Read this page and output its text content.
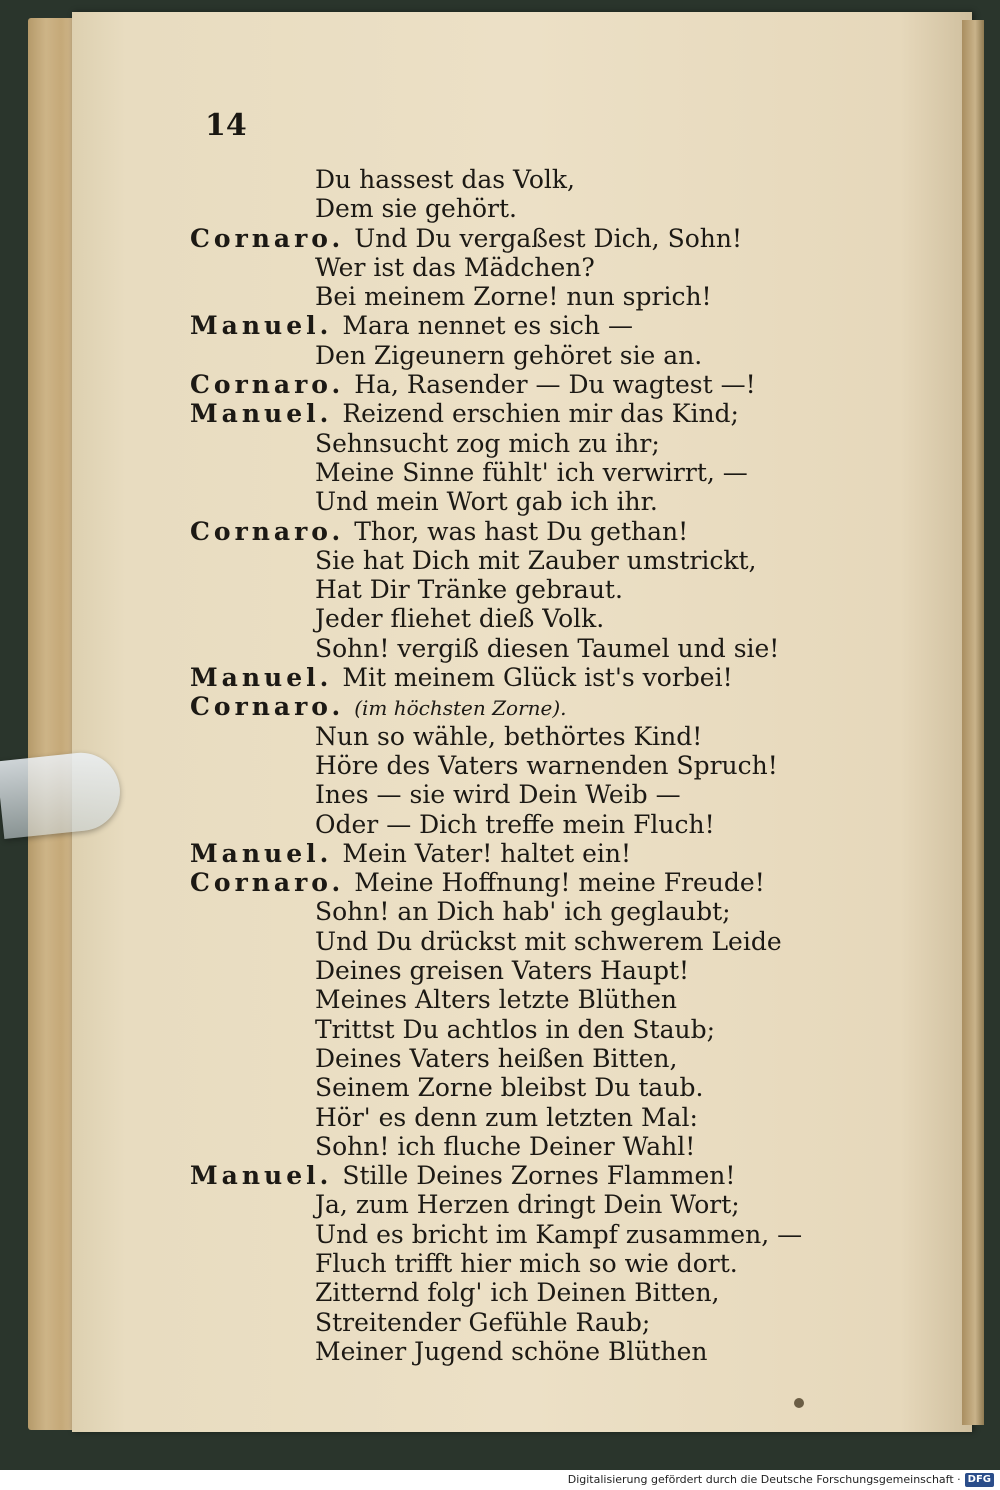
14
Du hassest das Volk,
Dem sie gehört.
Cornaro. Und Du vergaßest Dich, Sohn!
Wer ist das Mädchen?
Bei meinem Zorne! nun sprich!
Manuel. Mara nennet es sich —
Den Zigeunern gehöret sie an.
Cornaro. Ha, Rasender — Du wagtest —!
Manuel. Reizend erschien mir das Kind;
Sehnsucht zog mich zu ihr;
Meine Sinne fühlt' ich verwirrt, —
Und mein Wort gab ich ihr.
Cornaro. Thor, was hast Du gethan!
Sie hat Dich mit Zauber umstrickt,
Hat Dir Tränke gebraut.
Jeder fliehet dieß Volk.
Sohn! vergiß diesen Taumel und sie!
Manuel. Mit meinem Glück ist's vorbei!
Cornaro. (im höchsten Zorne).
Nun so wähle, bethörtes Kind!
Höre des Vaters warnenden Spruch!
Ines — sie wird Dein Weib —
Oder — Dich treffe mein Fluch!
Manuel. Mein Vater! haltet ein!
Cornaro. Meine Hoffnung! meine Freude!
Sohn! an Dich hab' ich geglaubt;
Und Du drückst mit schwerem Leide
Deines greisen Vaters Haupt!
Meines Alters letzte Blüthen
Trittst Du achtlos in den Staub;
Deines Vaters heißen Bitten,
Seinem Zorne bleibst Du taub.
Hör' es denn zum letzten Mal:
Sohn! ich fluche Deiner Wahl!
Manuel. Stille Deines Zornes Flammen!
Ja, zum Herzen dringt Dein Wort;
Und es bricht im Kampf zusammen, —
Fluch trifft hier mich so wie dort.
Zitternd folg' ich Deinen Bitten,
Streitender Gefühle Raub;
Meiner Jugend schöne Blüthen
Digitalisierung gefördert durch die Deutsche Forschungsgemeinschaft · DFG
